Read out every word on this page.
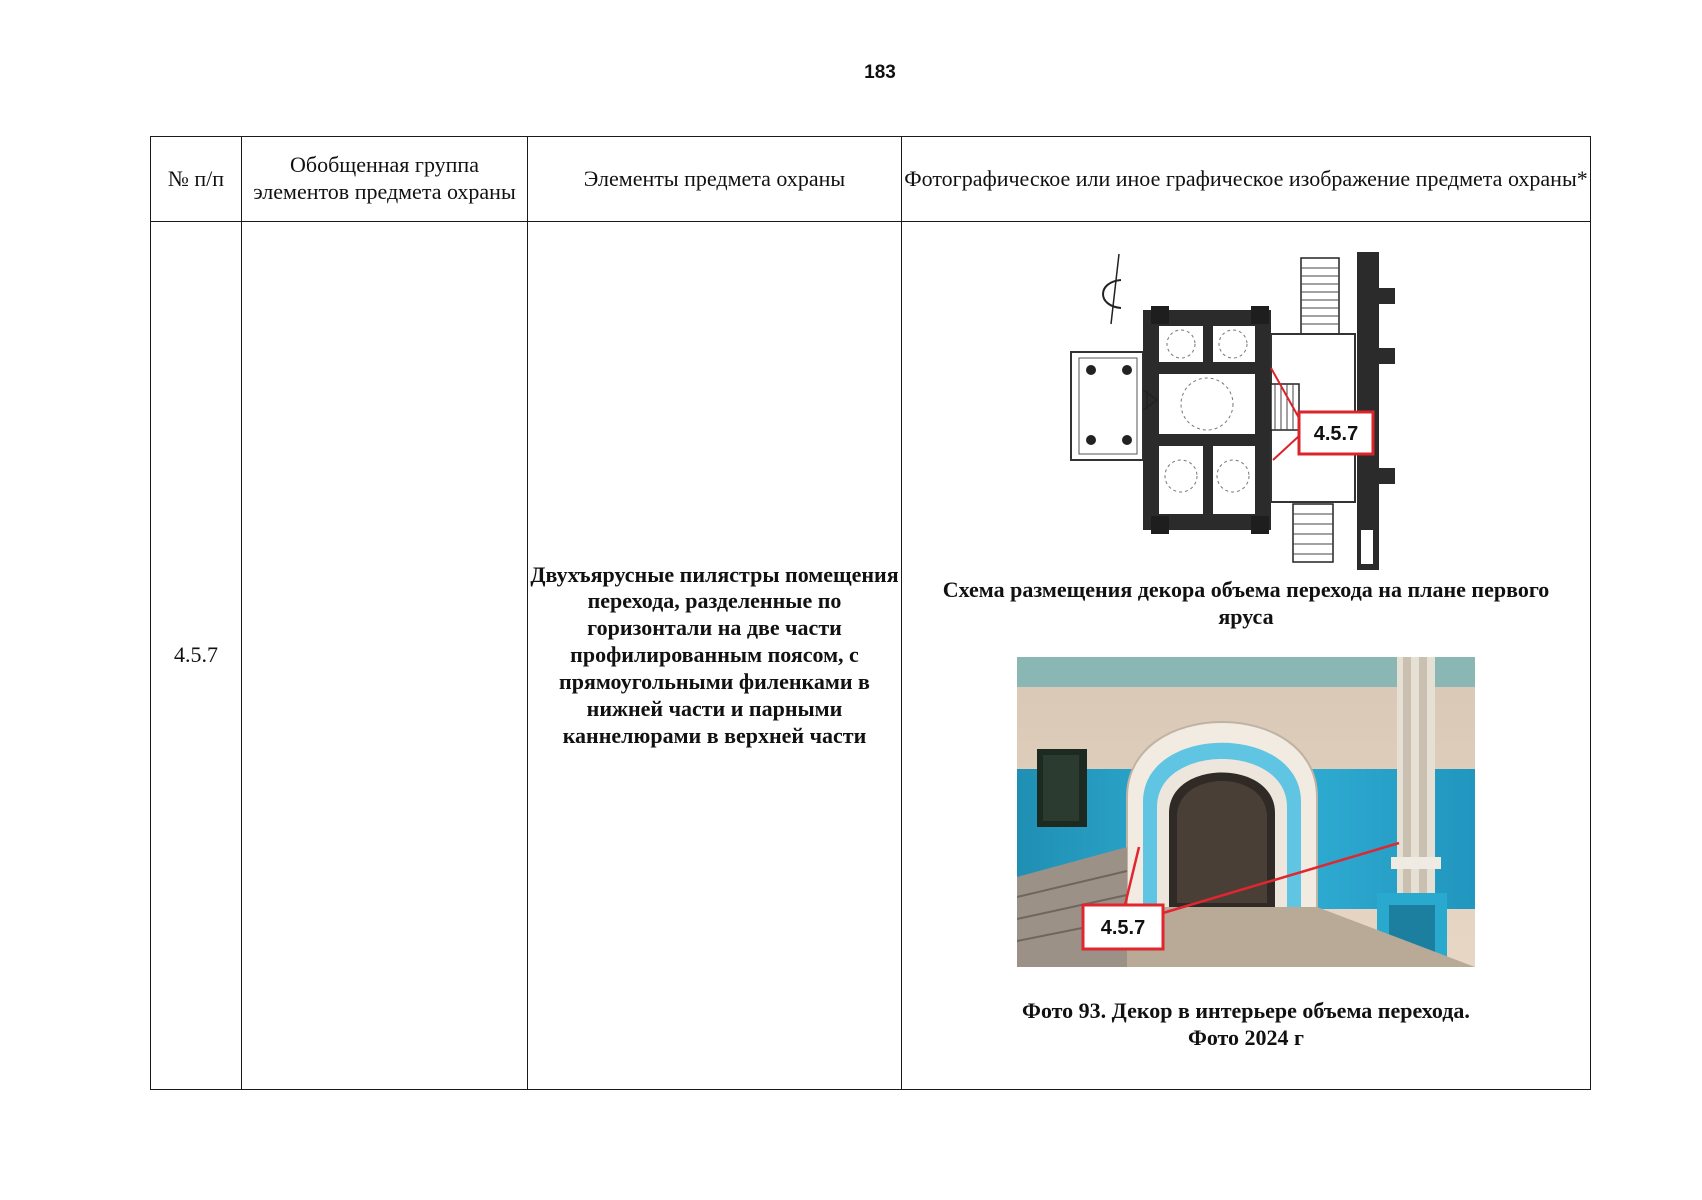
183
№ п/п	Обобщенная группа элементов предмета охраны	Элементы предмета охраны	Фотографическое или иное графическое изображение предмета охраны*
4.5.7		Двухъярусные пилястры помещения перехода, разделенные по горизонтали на две части профилированным поясом, с прямоугольными филенками в нижней части и парными каннелюрами в верхней части	4.5.7
Схема размещения декора объема перехода на плане первого яруса
4.5.7
Фото 93. Декор в интерьере объема перехода.
Фото 2024 г
